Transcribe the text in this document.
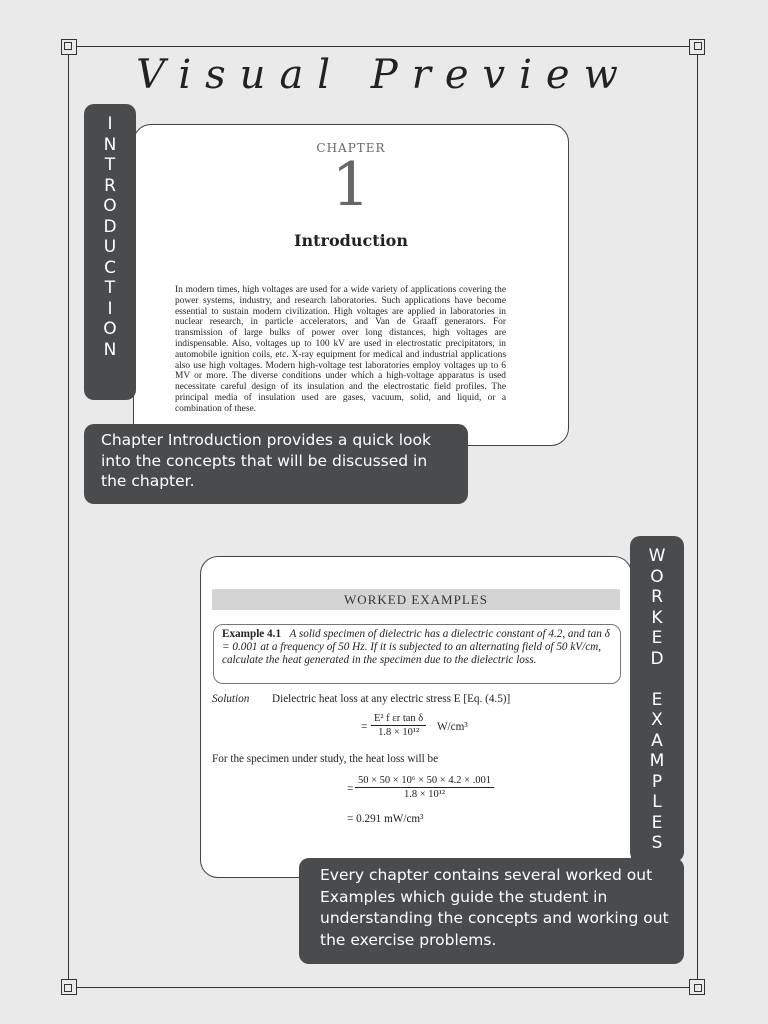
Visual Preview
CHAPTER
1
Introduction
In modern times, high voltages are used for a wide variety of applications covering the power systems, industry, and research laboratories. Such applications have become essential to sustain modern civilization. High voltages are applied in laboratories in nuclear research, in particle accelerators, and Van de Graaff generators. For transmission of large bulks of power over long distances, high voltages are indispensable. Also, voltages up to 100 kV are used in electrostatic precipitators, in automobile ignition coils, etc. X-ray equipment for medical and industrial applications also use high voltages. Modern high-voltage test laboratories employ voltages up to 6 MV or more. The diverse conditions under which a high-voltage apparatus is used necessitate careful design of its insulation and the electrostatic field profiles. The principal media of insulation used are gases, vacuum, solid, and liquid, or a combination of these.
I
N
T
R
O
D
U
C
T
I
O
N
Chapter Introduction provides a quick look into the concepts that will be discussed in the chapter.
WORKED EXAMPLES
Example 4.1 A solid specimen of dielectric has a dielectric constant of 4.2, and tan δ = 0.001 at a frequency of 50 Hz. If it is subjected to an alternating field of 50 kV/cm, calculate the heat generated in the specimen due to the dielectric loss.
Solution Dielectric heat loss at any electric stress E [Eq. (4.5)]
= $\frac{\text{E² f εr tan δ}}{\text{1.8 × 10¹²}} W/cm^3$
For the specimen under study, the heat loss will be
= $\frac{\text{50 × 50 × 10⁶ × 50 × 4.2 × .001}}{\text{1.8 × 10¹²}}$
= 0.291 mW/cm³
W
O
R
K
E
D

E
X
A
M
P
L
E
S
Every chapter contains several worked out Examples which guide the student in understanding the concepts and working out the exercise problems.
